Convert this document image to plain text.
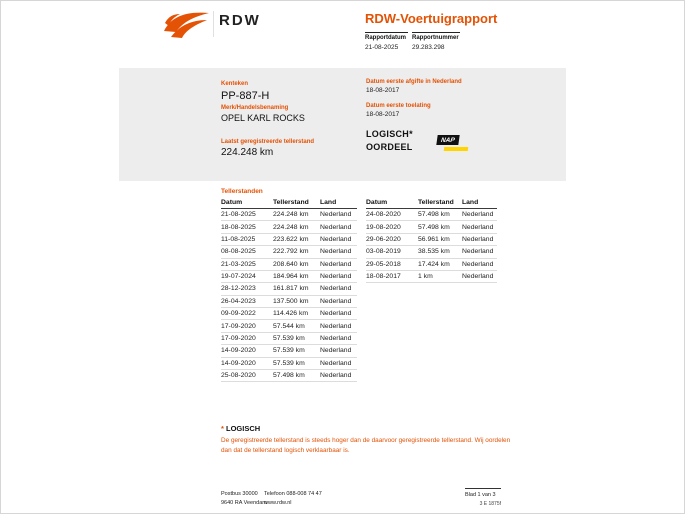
RDW	RDW-Voertuigrapport
Rapportdatum
21-08-2025
Rapportnummer
29.283.298
Kenteken
PP-887-H
Merk/Handelsbenaming
OPEL KARL ROCKS
Laatst geregistreerde tellerstand
224.248 km
Datum eerste afgifte in Nederland
18-08-2017
Datum eerste toelating
18-08-2017
LOGISCH*
OORDEEL
NAP
Tellerstanden
Datum	Tellerstand	Land
21-08-2025	224.248 km	Nederland
18-08-2025	224.248 km	Nederland
11-08-2025	223.622 km	Nederland
08-08-2025	222.792 km	Nederland
21-03-2025	208.640 km	Nederland
19-07-2024	184.964 km	Nederland
28-12-2023	161.817 km	Nederland
26-04-2023	137.500 km	Nederland
09-09-2022	114.426 km	Nederland
17-09-2020	57.544 km	Nederland
17-09-2020	57.539 km	Nederland
14-09-2020	57.539 km	Nederland
14-09-2020	57.539 km	Nederland
25-08-2020	57.498 km	Nederland
Datum	Tellerstand	Land
24-08-2020	57.498 km	Nederland
19-08-2020	57.498 km	Nederland
29-06-2020	56.961 km	Nederland
03-08-2019	38.535 km	Nederland
29-05-2018	17.424 km	Nederland
18-08-2017	1 km	Nederland
* LOGISCH
De geregistreerde tellerstand is steeds hoger dan de daarvoor geregistreerde tellerstand. Wij oordelen dan dat de tellerstand logisch verklaarbaar is.
Postbus 30000
9640 RA Veendam
Telefoon 088-008 74 47
www.rdw.nl
Blad 1 van 3
3 E 1875f
